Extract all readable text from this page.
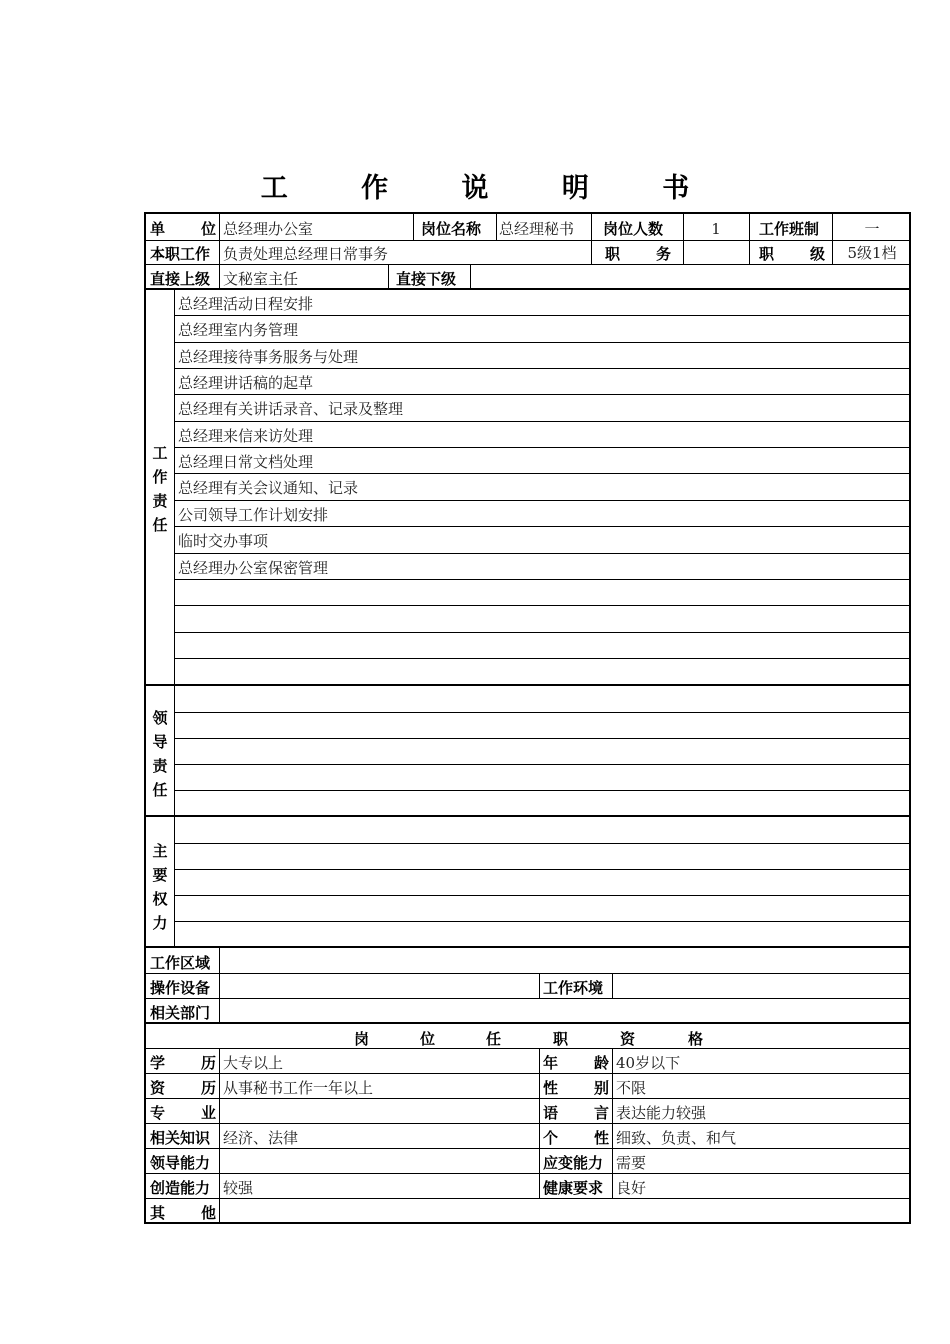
工 作 说 明 书
单 位 总经理办公室	岗位名称 总经理秘书 岗位人数	1	工作班制	一
本职工作 负责处理总经理日常事务	职 务	职 级	5级1档
直接上级 文秘室主任	直接下级
总经理活动日程安排
总经理室内务管理
总经理接待事务服务与处理
总经理讲话稿的起草
总经理有关讲话录音、记录及整理
总经理来信来访处理
总经理日常文档处理
总经理有关会议通知、记录
公司领导工作计划安排
临时交办事项
总经理办公室保密管理
工
作
责
任
领
导
责
任
主
要
权
力
工作区域
操作设备	工作环境
相关部门
岗	位	任	职	资	格
学 历 大专以上	年 龄 40岁以下
资 历 从事秘书工作一年以上	性 别 不限
专 业	语 言 表达能力较强
相关知识 经济、法律	个 性 细致、负责、和气
领导能力	应变能力 需要
创造能力 较强	健康要求 良好
其 他
